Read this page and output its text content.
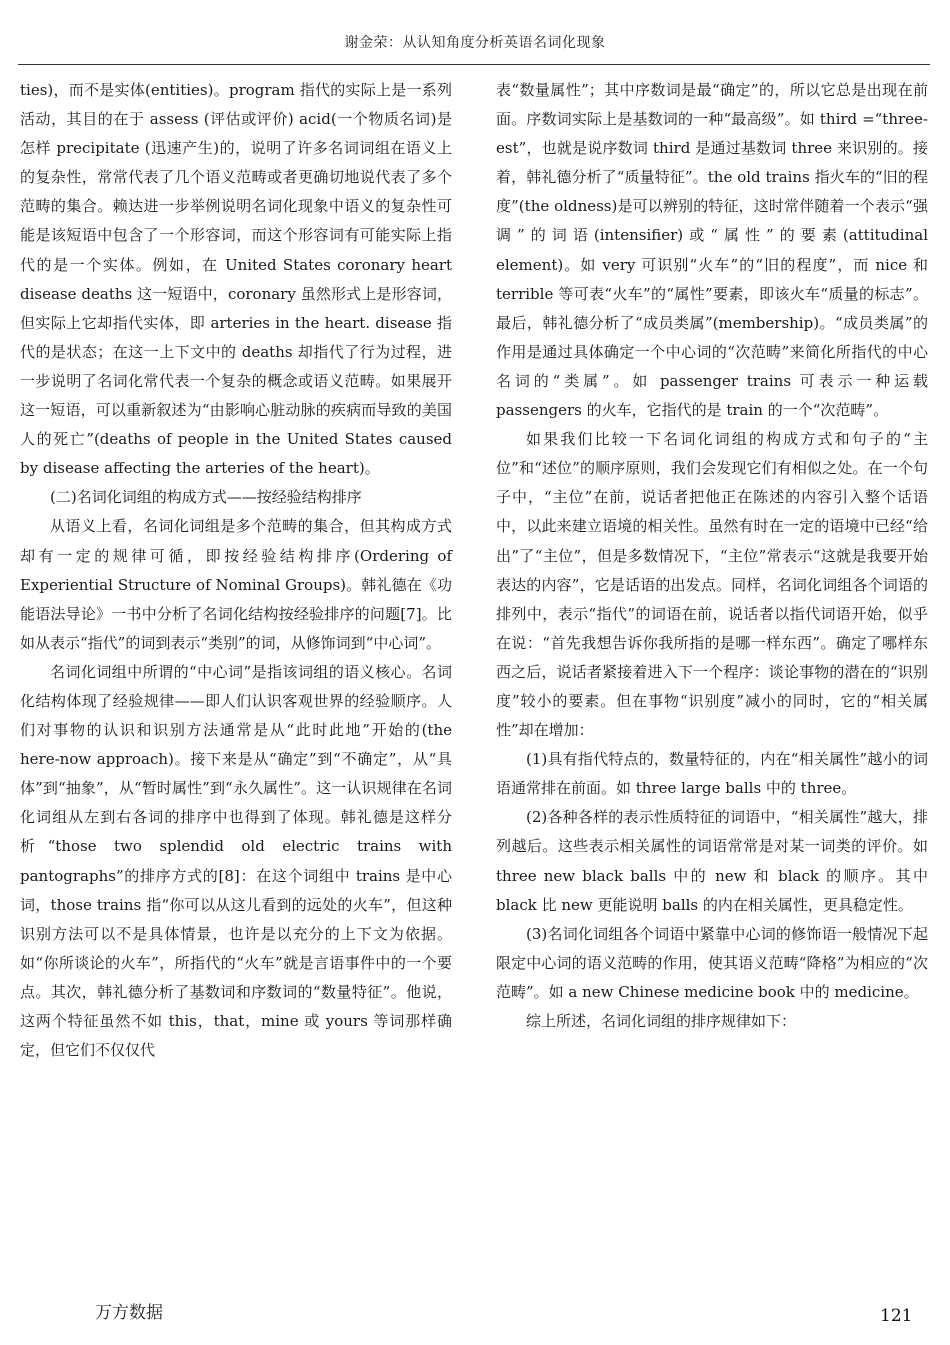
谢金荣：从认知角度分析英语名词化现象

ties)，而不是实体(entities)。program 指代的实际上是一系列活动，其目的在于 assess (评估或评价) acid(一个物质名词)是怎样 precipitate (迅速产生)的，说明了许多名词词组在语义上的复杂性，常常代表了几个语义范畴或者更确切地说代表了多个范畴的集合。赖达进一步举例说明名词化现象中语义的复杂性可能是该短语中包含了一个形容词，而这个形容词有可能实际上指代的是一个实体。例如，在 United States coronary heart disease deaths 这一短语中，coronary 虽然形式上是形容词，但实际上它却指代实体，即 arteries in the heart. disease 指代的是状态；在这一上下文中的 deaths 却指代了行为过程，进一步说明了名词化常代表一个复杂的概念或语义范畴。如果展开这一短语，可以重新叙述为“由影响心脏动脉的疾病而导致的美国人的死亡”(deaths of people in the United States caused by disease affecting the arteries of the heart)。

(二)名词化词组的构成方式——按经验结构排序

从语义上看，名词化词组是多个范畴的集合，但其构成方式却有一定的规律可循，即按经验结构排序(Ordering of Experiential Structure of Nominal Groups)。韩礼德在《功能语法导论》一书中分析了名词化结构按经验排序的问题[7]。比如从表示“指代”的词到表示“类别”的词，从修饰词到“中心词”。

名词化词组中所谓的“中心词”是指该词组的语义核心。名词化结构体现了经验规律——即人们认识客观世界的经验顺序。人们对事物的认识和识别方法通常是从“此时此地”开始的(the here-now approach)。接下来是从“确定”到“不确定”，从“具体”到“抽象”，从“暂时属性”到“永久属性”。这一认识规律在名词化词组从左到右各词的排序中也得到了体现。韩礼德是这样分析“those two splendid old electric trains with pantographs”的排序方式的[8]：在这个词组中 trains 是中心词，those trains 指“你可以从这儿看到的远处的火车”，但这种识别方法可以不是具体情景，也许是以充分的上下文为依据。如“你所谈论的火车”，所指代的“火车”就是言语事件中的一个要点。其次，韩礼德分析了基数词和序数词的“数量特征”。他说，这两个特征虽然不如 this，that，mine 或 yours 等词那样确定，但它们不仅仅代

表“数量属性”；其中序数词是最“确定”的，所以它总是出现在前面。序数词实际上是基数词的一种“最高级”。如 third =“three-est”，也就是说序数词 third 是通过基数词 three 来识别的。接着，韩礼德分析了“质量特征”。the old trains 指火车的“旧的程度”(the oldness)是可以辨别的特征，这时常伴随着一个表示“强调”的词语(intensifier)或“属性”的要素(attitudinal element)。如 very 可识别“火车”的“旧的程度”，而 nice 和 terrible 等可表“火车”的“属性”要素，即该火车“质量的标志”。最后，韩礼德分析了“成员类属”(membership)。“成员类属”的作用是通过具体确定一个中心词的“次范畴”来简化所指代的中心名词的“类属”。如 passenger trains 可表示一种运载 passengers 的火车，它指代的是 train 的一个“次范畴”。

如果我们比较一下名词化词组的构成方式和句子的“主位”和“述位”的顺序原则，我们会发现它们有相似之处。在一个句子中，“主位”在前，说话者把他正在陈述的内容引入整个话语中，以此来建立语境的相关性。虽然有时在一定的语境中已经“给出”了“主位”，但是多数情况下，“主位”常表示“这就是我要开始表达的内容”，它是话语的出发点。同样，名词化词组各个词语的排列中，表示“指代”的词语在前，说话者以指代词语开始，似乎在说：“首先我想告诉你我所指的是哪一样东西”。确定了哪样东西之后，说话者紧接着进入下一个程序：谈论事物的潜在的“识别度”较小的要素。但在事物“识别度”减小的同时，它的“相关属性”却在增加：

(1)具有指代特点的，数量特征的，内在“相关属性”越小的词语通常排在前面。如 three large balls 中的 three。

(2)各种各样的表示性质特征的词语中，“相关属性”越大，排列越后。这些表示相关属性的词语常常是对某一词类的评价。如 three new black balls 中的 new 和 black 的顺序。其中 black 比 new 更能说明 balls 的内在相关属性，更具稳定性。

(3)名词化词组各个词语中紧靠中心词的修饰语一般情况下起限定中心词的语义范畴的作用，使其语义范畴“降格”为相应的“次范畴”。如 a new Chinese medicine book 中的 medicine。

综上所述，名词化词组的排序规律如下：

万方数据	121
